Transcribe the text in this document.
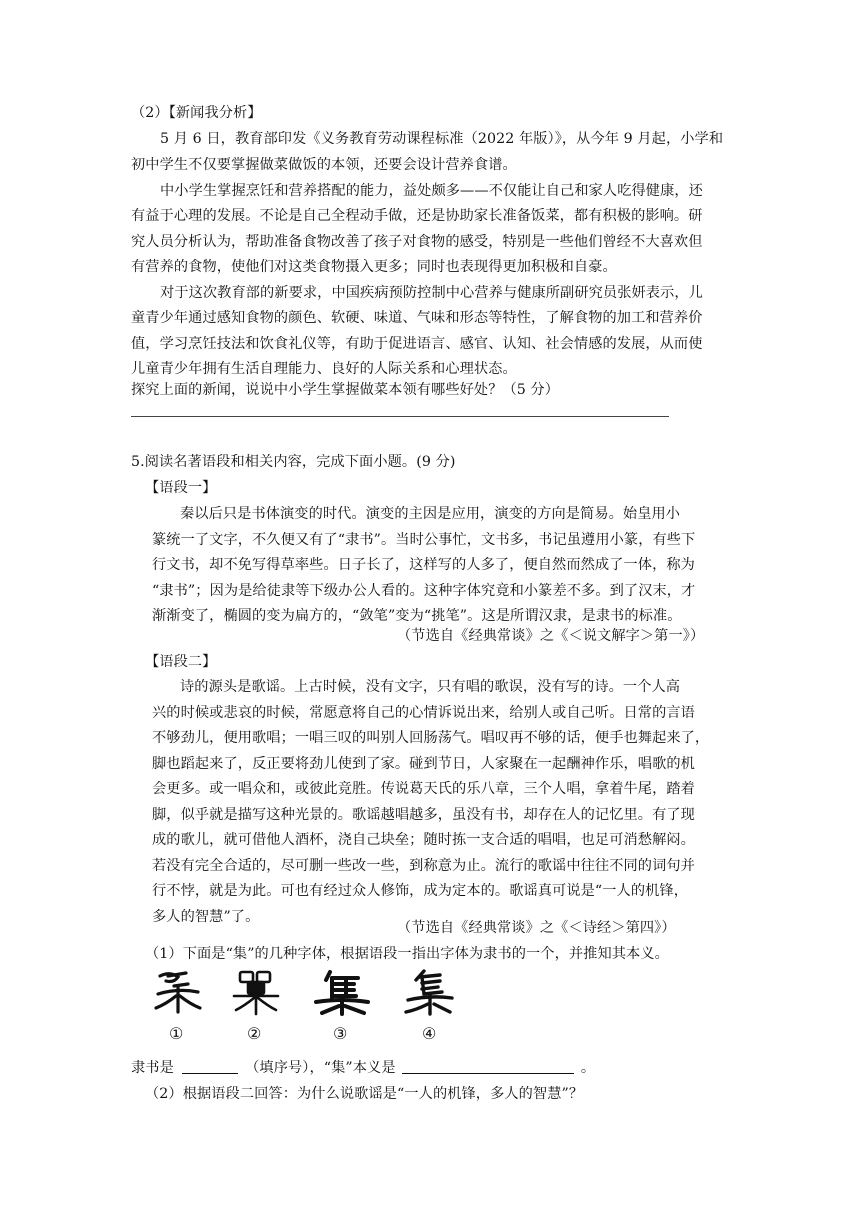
（2）【新闻我分析】
5 月 6 日，教育部印发《义务教育劳动课程标准（2022 年版）》，从今年 9 月起，小学和
初中学生不仅要掌握做菜做饭的本领，还要会设计营养食谱。
中小学生掌握烹饪和营养搭配的能力，益处颇多——不仅能让自己和家人吃得健康，还
有益于心理的发展。不论是自己全程动手做，还是协助家长准备饭菜，都有积极的影响。研
究人员分析认为，帮助准备食物改善了孩子对食物的感受，特别是一些他们曾经不大喜欢但
有营养的食物，使他们对这类食物摄入更多；同时也表现得更加积极和自豪。
对于这次教育部的新要求，中国疾病预防控制中心营养与健康所副研究员张妍表示，儿
童青少年通过感知食物的颜色、软硬、味道、气味和形态等特性，了解食物的加工和营养价
值，学习烹饪技法和饮食礼仪等，有助于促进语言、感官、认知、社会情感的发展，从而使
儿童青少年拥有生活自理能力、良好的人际关系和心理状态。
探究上面的新闻，说说中小学生掌握做菜本领有哪些好处？（5 分）
5.阅读名著语段和相关内容，完成下面小题。(9 分)
【语段一】
秦以后只是书体演变的时代。演变的主因是应用，演变的方向是简易。始皇用小
篆统一了文字，不久便又有了“隶书”。当时公事忙，文书多，书记虽遵用小篆，有些下
行文书，却不免写得草率些。日子长了，这样写的人多了，便自然而然成了一体，称为
“隶书”；因为是给徒隶等下级办公人看的。这种字体究竟和小篆差不多。到了汉末，才
渐渐变了，椭圆的变为扁方的，“敛笔”变为“挑笔”。这是所谓汉隶，是隶书的标准。
（节选自《经典常谈》之《＜说文解字＞第一》）
【语段二】
诗的源头是歌谣。上古时候，没有文字，只有唱的歌误，没有写的诗。一个人高
兴的时候或悲哀的时候，常愿意将自己的心情诉说出来，给别人或自己听。日常的言语
不够劲儿，便用歌唱；一唱三叹的叫别人回肠荡气。唱叹再不够的话，便手也舞起来了，
脚也蹈起来了，反正要将劲儿使到了家。碰到节日，人家聚在一起酬神作乐，唱歌的机
会更多。或一唱众和，或彼此竞胜。传说葛天氏的乐八章，三个人唱，拿着牛尾，踏着
脚，似乎就是描写这种光景的。歌谣越唱越多，虽没有书，却存在人的记忆里。有了现
成的歌儿，就可借他人酒杯，浇自己块垒；随时拣一支合适的唱唱，也足可消愁解闷。
若没有完全合适的，尽可删一些改一些，到称意为止。流行的歌谣中往往不同的词句并
行不悖，就是为此。可也有经过众人修饰，成为定本的。歌谣真可说是“一人的机锋，
多人的智慧”了。
（节选自《经典常谈》之《＜诗经＞第四》）
（1）下面是“集”的几种字体，根据语段一指出字体为隶书的一个，并推知其本义。
①	②	③	④
隶书是	（填序号），“集”本义是	。
（2）根据语段二回答：为什么说歌谣是“一人的机锋，多人的智慧”？
